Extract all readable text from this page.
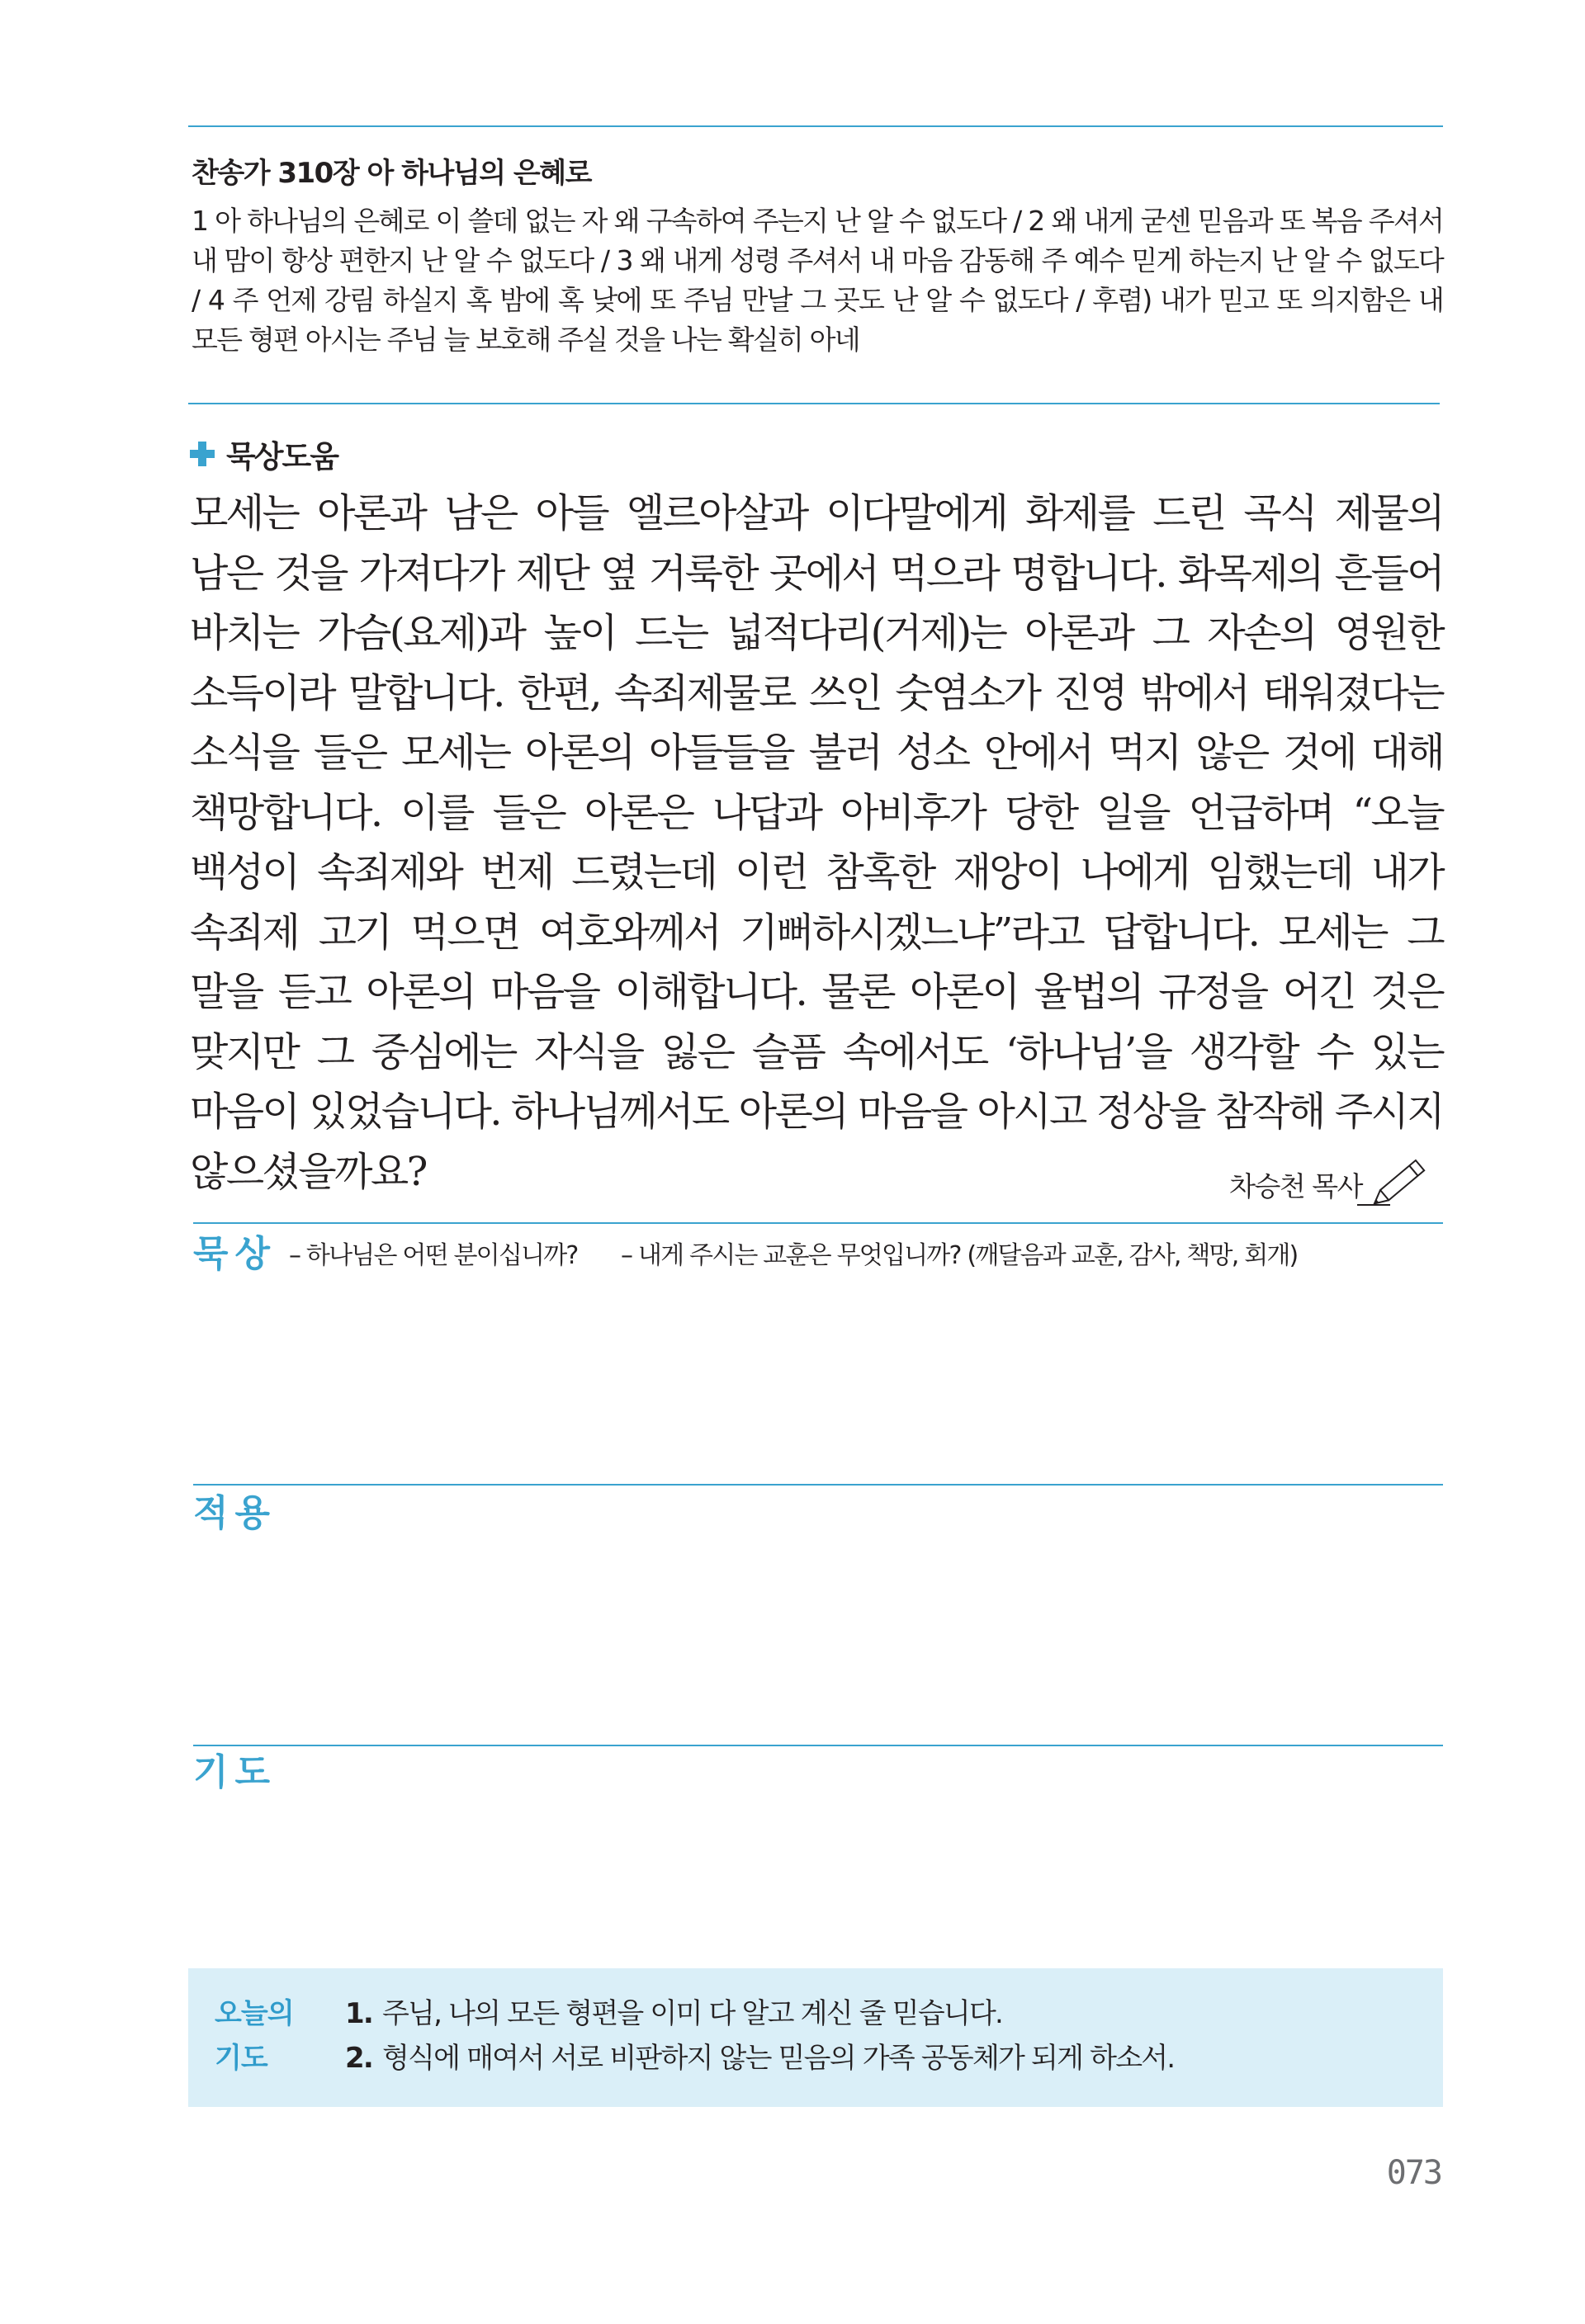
찬송가 310장 아 하나님의 은혜로

1 아 하나님의 은혜로 이 쓸데 없는 자 왜 구속하여 주는지 난 알 수 없도다 / 2 왜 내게 굳센 믿음과 또 복음 주셔서 내 맘이 항상 편한지 난 알 수 없도다 / 3 왜 내게 성령 주셔서 내 마음 감동해 주 예수 믿게 하는지 난 알 수 없도다 / 4 주 언제 강림 하실지 혹 밤에 혹 낮에 또 주님 만날 그 곳도 난 알 수 없도다 / 후렴) 내가 믿고 또 의지함은 내 모든 형편 아시는 주님 늘 보호해 주실 것을 나는 확실히 아네

묵상도움

모세는 아론과 남은 아들 엘르아살과 이다말에게 화제를 드린 곡식 제물의 남은 것을 가져다가 제단 옆 거룩한 곳에서 먹으라 명합니다. 화목제의 흔들어 바치는 가슴(요제)과 높이 드는 넓적다리(거제)는 아론과 그 자손의 영원한 소득이라 말합니다. 한편, 속죄제물로 쓰인 숫염소가 진영 밖에서 태워졌다는 소식을 들은 모세는 아론의 아들들을 불러 성소 안에서 먹지 않은 것에 대해 책망합니다. 이를 들은 아론은 나답과 아비후가 당한 일을 언급하며 “오늘 백성이 속죄제와 번제 드렸는데 이런 참혹한 재앙이 나에게 임했는데 내가 속죄제 고기 먹으면 여호와께서 기뻐하시겠느냐”라고 답합니다. 모세는 그 말을 듣고 아론의 마음을 이해합니다. 물론 아론이 율법의 규정을 어긴 것은 맞지만 그 중심에는 자식을 잃은 슬픔 속에서도 ‘하나님’을 생각할 수 있는 마음이 있었습니다. 하나님께서도 아론의 마음을 아시고 정상을 참작해 주시지 않으셨을까요?	차승천 목사
묵상 – 하나님은 어떤 분이십니까? – 내게 주시는 교훈은 무엇입니까? (깨달음과 교훈, 감사, 책망, 회개)
적용
기도
오늘의
기도
1. 주님, 나의 모든 형편을 이미 다 알고 계신 줄 믿습니다.
2. 형식에 매여서 서로 비판하지 않는 믿음의 가족 공동체가 되게 하소서.
073
